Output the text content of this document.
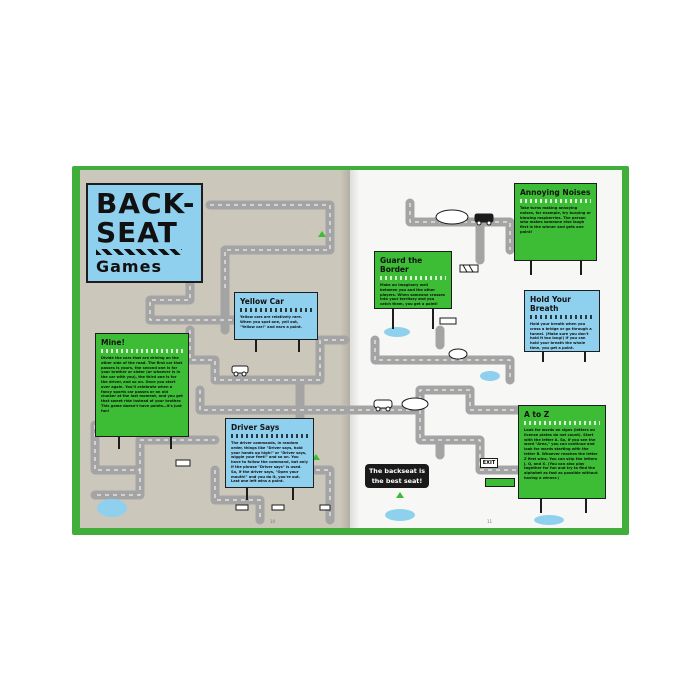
BACK-
SEAT
Games
Mine!

Divide the cars that are driving on the other side of the road. The first car that passes is yours, the second one is for your brother or sister (or whoever is in the car with you), the third one is for the driver, and so on. Once you start over again. You'll celebrate when a fancy sports car passes or an old clunker at the last moment, and you get that sweet ride instead of your brother. This game doesn't have points—it's just fun!

Yellow Car

Yellow cars are relatively rare. When you spot one, yell out, "Yellow car!" and earn a point.

Driver Says

The driver commands, in random order, things like "Driver says, hold your hands up high!" or "Driver says, wiggle your feet!" and so on. You have to follow the command, but only if the phrase "Driver says" is used. So, if the driver says, "Open your mouth!" and you do it, you're out. Last one left wins a point.

Guard the Border

Make an imaginary wall between you and the other players. When someone crosses into your territory and you catch them, you get a point!

Annoying Noises

Take turns making annoying noises, for example, try burping or blowing raspberries. The person who makes someone else laugh first is the winner and gets one point!

Hold Your Breath

Hold your breath when you cross a bridge or go through a tunnel. (Make sure you don't hold it too long!) If you can hold your breath the whole time, you get a point.

A to Z

Look for words on signs (letters on license plates do not count). Start with the letter A. So, if you see the word "Area," you can continue and look for words starting with the letter B. Whoever reaches the letter Z first wins. You can skip the letters J, Q, and X. (You can also play together for fun and try to find the alphabet as fast as possible without having a winner.)

EXIT
The backseat is
the best seat!
10	11
